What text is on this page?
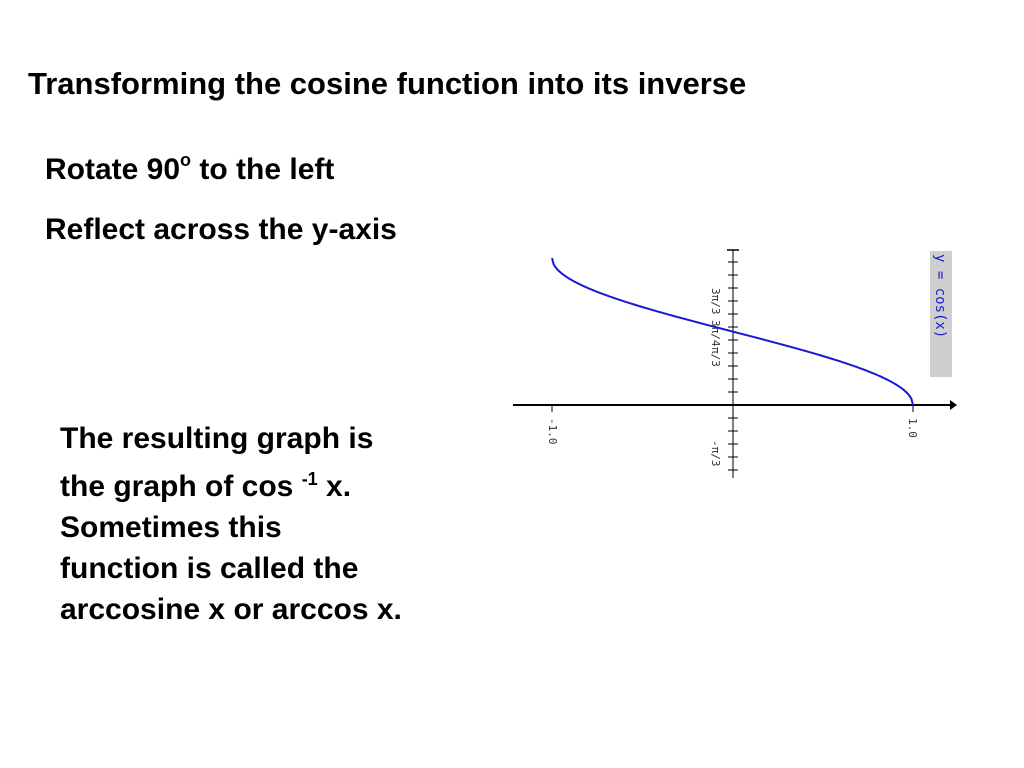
Transforming the cosine function into its inverse
Rotate 90$^o$ to the left
Reflect across the y-axis
The resulting graph is
the graph of cos $^{-1}$ x.
Sometimes this
function is called the
arccosine x or arccos x.
-1.0	1.0
3π/3
3π/4
π/3
-π/3
y = cos(x)
